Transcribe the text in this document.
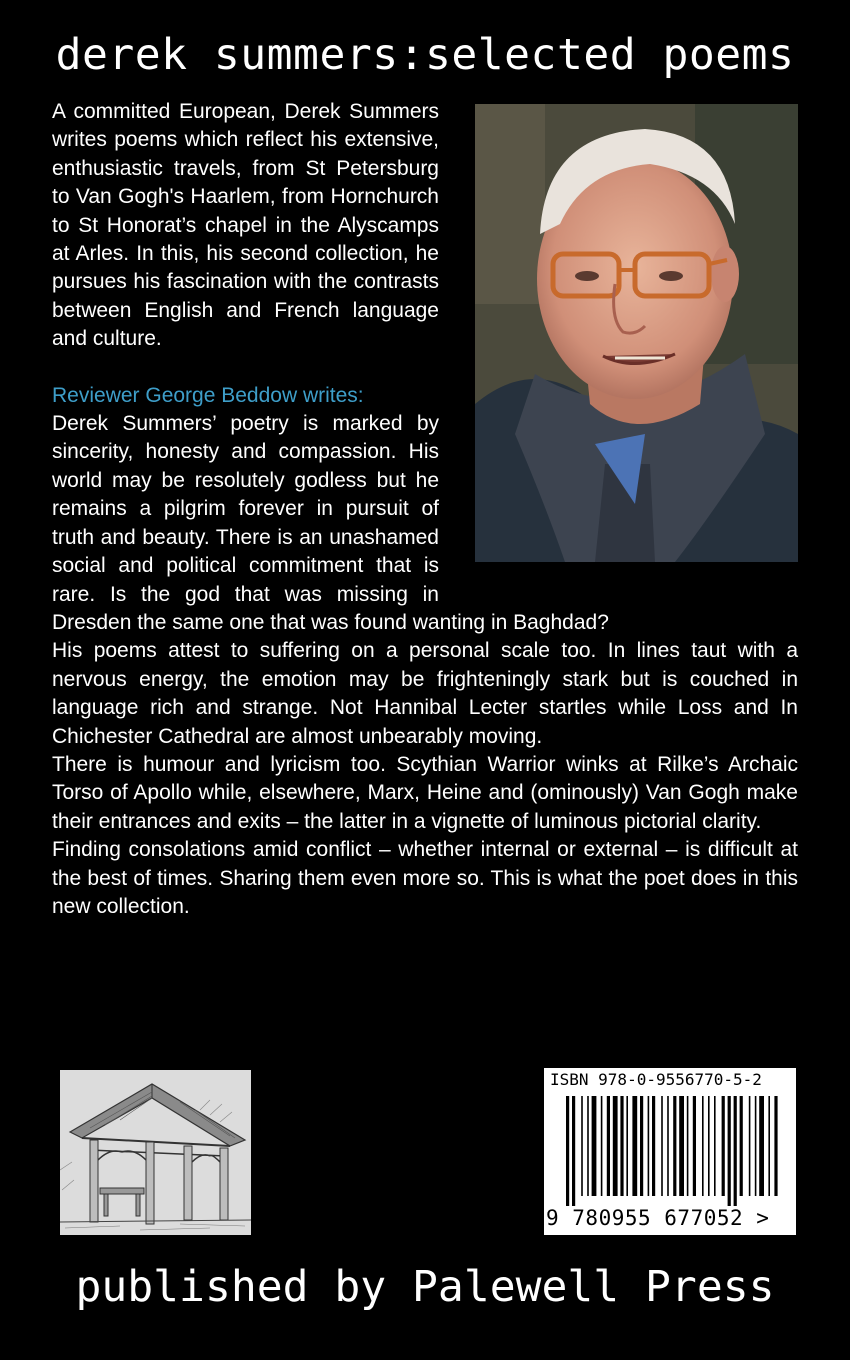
derek summers:selected poems

A committed European, Derek Summers writes poems which reflect his extensive, enthusiastic travels, from St Petersburg to Van Gogh's Haarlem, from Hornchurch to St Honorat’s chapel in the Alyscamps at Arles. In this, his second collection, he pursues his fascination with the contrasts between English and French language and culture.

Reviewer George Beddow writes:

Derek Summers’ poetry is marked by sincerity, honesty and compassion. His world may be resolutely godless but he remains a pilgrim forever in pursuit of truth and beauty. There is an unashamed social and political commitment that is rare. Is the god that was missing in Dresden the same one that was found wanting in Baghdad?

His poems attest to suffering on a personal scale too. In lines taut with a nervous energy, the emotion may be frighteningly stark but is couched in language rich and strange. Not Hannibal Lecter startles while Loss and In Chichester Cathedral are almost unbearably moving.

There is humour and lyricism too. Scythian Warrior winks at Rilke’s Archaic Torso of Apollo while, elsewhere, Marx, Heine and (ominously) Van Gogh make their entrances and exits – the latter in a vignette of luminous pictorial clarity.

Finding consolations amid conflict – whether internal or external – is difficult at the best of times. Sharing them even more so. This is what the poet does in this new collection.

ISBN 978-0-9556770-5-2
9 780955 677052 >
published by Palewell Press
